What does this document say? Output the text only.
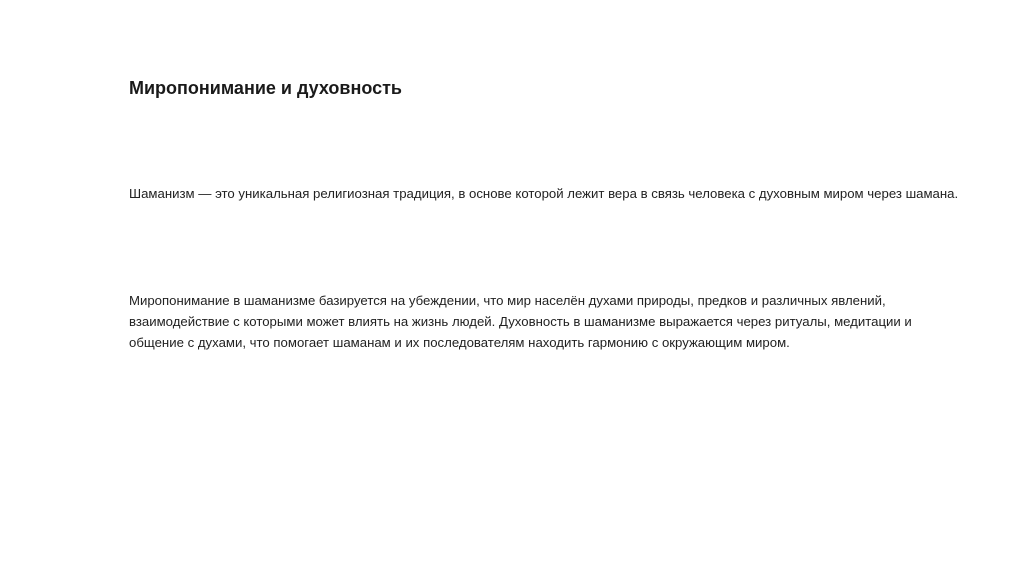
Миропонимание и духовность

Шаманизм — это уникальная религиозная традиция, в основе которой лежит вера в связь человека с духовным миром через шамана.

Миропонимание в шаманизме базируется на убеждении, что мир населён духами природы, предков и различных явлений, взаимодействие с которыми может влиять на жизнь людей. Духовность в шаманизме выражается через ритуалы, медитации и общение с духами, что помогает шаманам и их последователям находить гармонию с окружающим миром.
